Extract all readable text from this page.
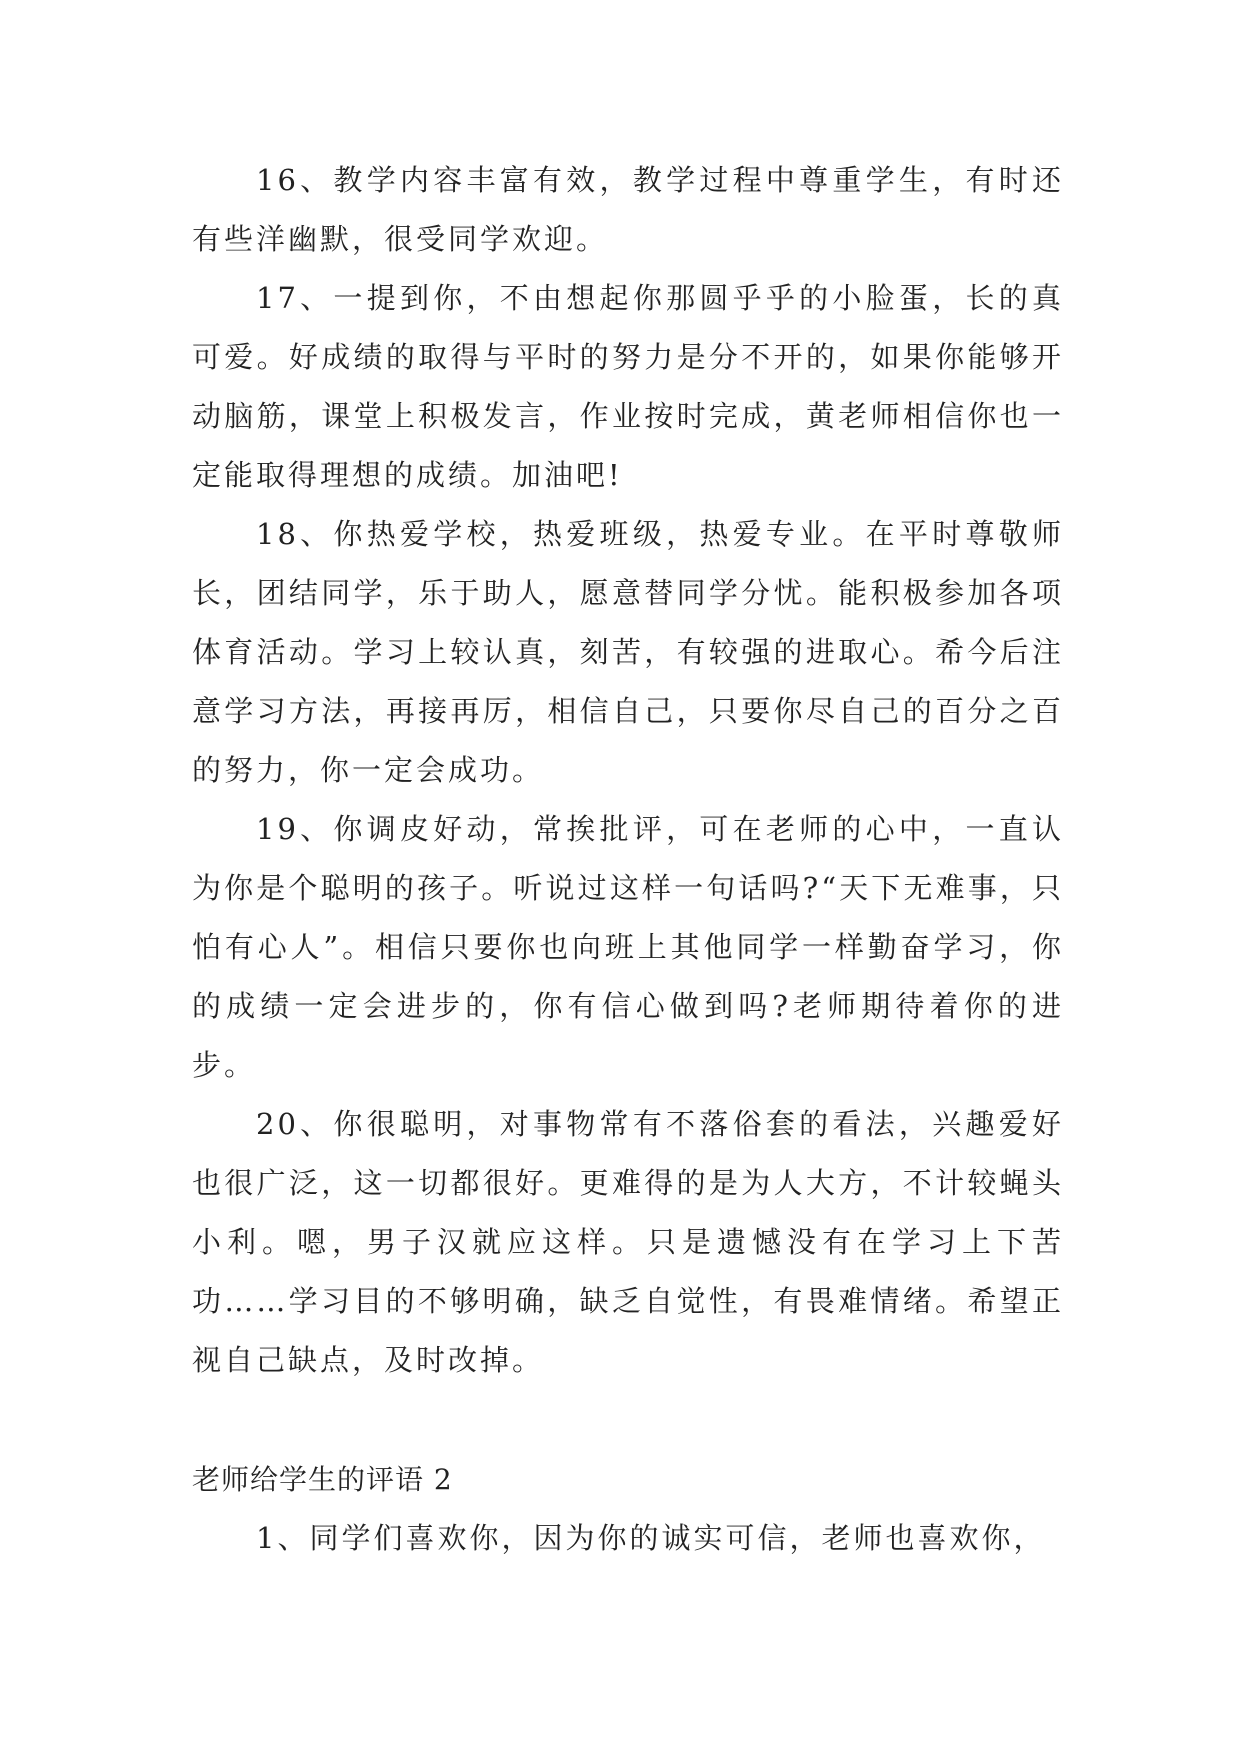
16、教学内容丰富有效，教学过程中尊重学生，有时还有些洋幽默，很受同学欢迎。

17、一提到你，不由想起你那圆乎乎的小脸蛋，长的真可爱。好成绩的取得与平时的努力是分不开的，如果你能够开动脑筋，课堂上积极发言，作业按时完成，黄老师相信你也一定能取得理想的成绩。加油吧!

18、你热爱学校，热爱班级，热爱专业。在平时尊敬师长，团结同学，乐于助人，愿意替同学分忧。能积极参加各项体育活动。学习上较认真，刻苦，有较强的进取心。希今后注意学习方法，再接再厉，相信自己，只要你尽自己的百分之百的努力，你一定会成功。

19、你调皮好动，常挨批评，可在老师的心中，一直认为你是个聪明的孩子。听说过这样一句话吗?“天下无难事，只怕有心人”。相信只要你也向班上其他同学一样勤奋学习，你的成绩一定会进步的，你有信心做到吗?老师期待着你的进步。

20、你很聪明，对事物常有不落俗套的看法，兴趣爱好也很广泛，这一切都很好。更难得的是为人大方，不计较蝇头小利。嗯，男子汉就应这样。只是遗憾没有在学习上下苦功……学习目的不够明确，缺乏自觉性，有畏难情绪。希望正视自己缺点，及时改掉。

老师给学生的评语 2

1、同学们喜欢你，因为你的诚实可信，老师也喜欢你，
